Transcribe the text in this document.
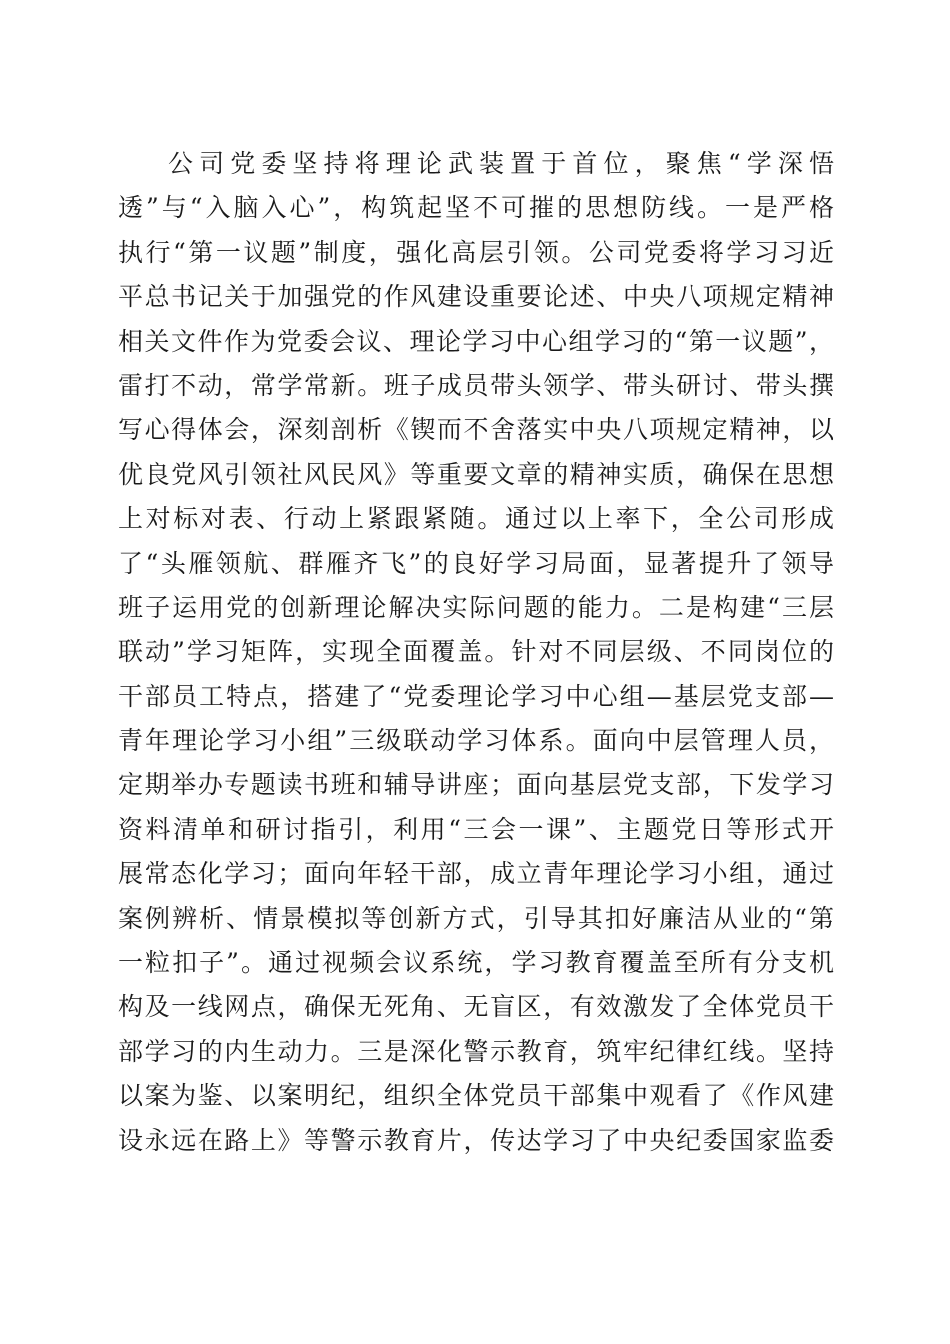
公司党委坚持将理论武装置于首位，聚焦“学深悟
透”与“入脑入心”，构筑起坚不可摧的思想防线。一是严格
执行“第一议题”制度，强化高层引领。公司党委将学习习近
平总书记关于加强党的作风建设重要论述、中央八项规定精神
相关文件作为党委会议、理论学习中心组学习的“第一议题”，
雷打不动，常学常新。班子成员带头领学、带头研讨、带头撰
写心得体会，深刻剖析《锲而不舍落实中央八项规定精神，以
优良党风引领社风民风》等重要文章的精神实质，确保在思想
上对标对表、行动上紧跟紧随。通过以上率下，全公司形成
了“头雁领航、群雁齐飞”的良好学习局面，显著提升了领导
班子运用党的创新理论解决实际问题的能力。二是构建“三层
联动”学习矩阵，实现全面覆盖。针对不同层级、不同岗位的
干部员工特点，搭建了“党委理论学习中心组—基层党支部—
青年理论学习小组”三级联动学习体系。面向中层管理人员，
定期举办专题读书班和辅导讲座；面向基层党支部，下发学习
资料清单和研讨指引，利用“三会一课”、主题党日等形式开
展常态化学习；面向年轻干部，成立青年理论学习小组，通过
案例辨析、情景模拟等创新方式，引导其扣好廉洁从业的“第
一粒扣子”。通过视频会议系统，学习教育覆盖至所有分支机
构及一线网点，确保无死角、无盲区，有效激发了全体党员干
部学习的内生动力。三是深化警示教育，筑牢纪律红线。坚持
以案为鉴、以案明纪，组织全体党员干部集中观看了《作风建
设永远在路上》等警示教育片，传达学习了中央纪委国家监委
